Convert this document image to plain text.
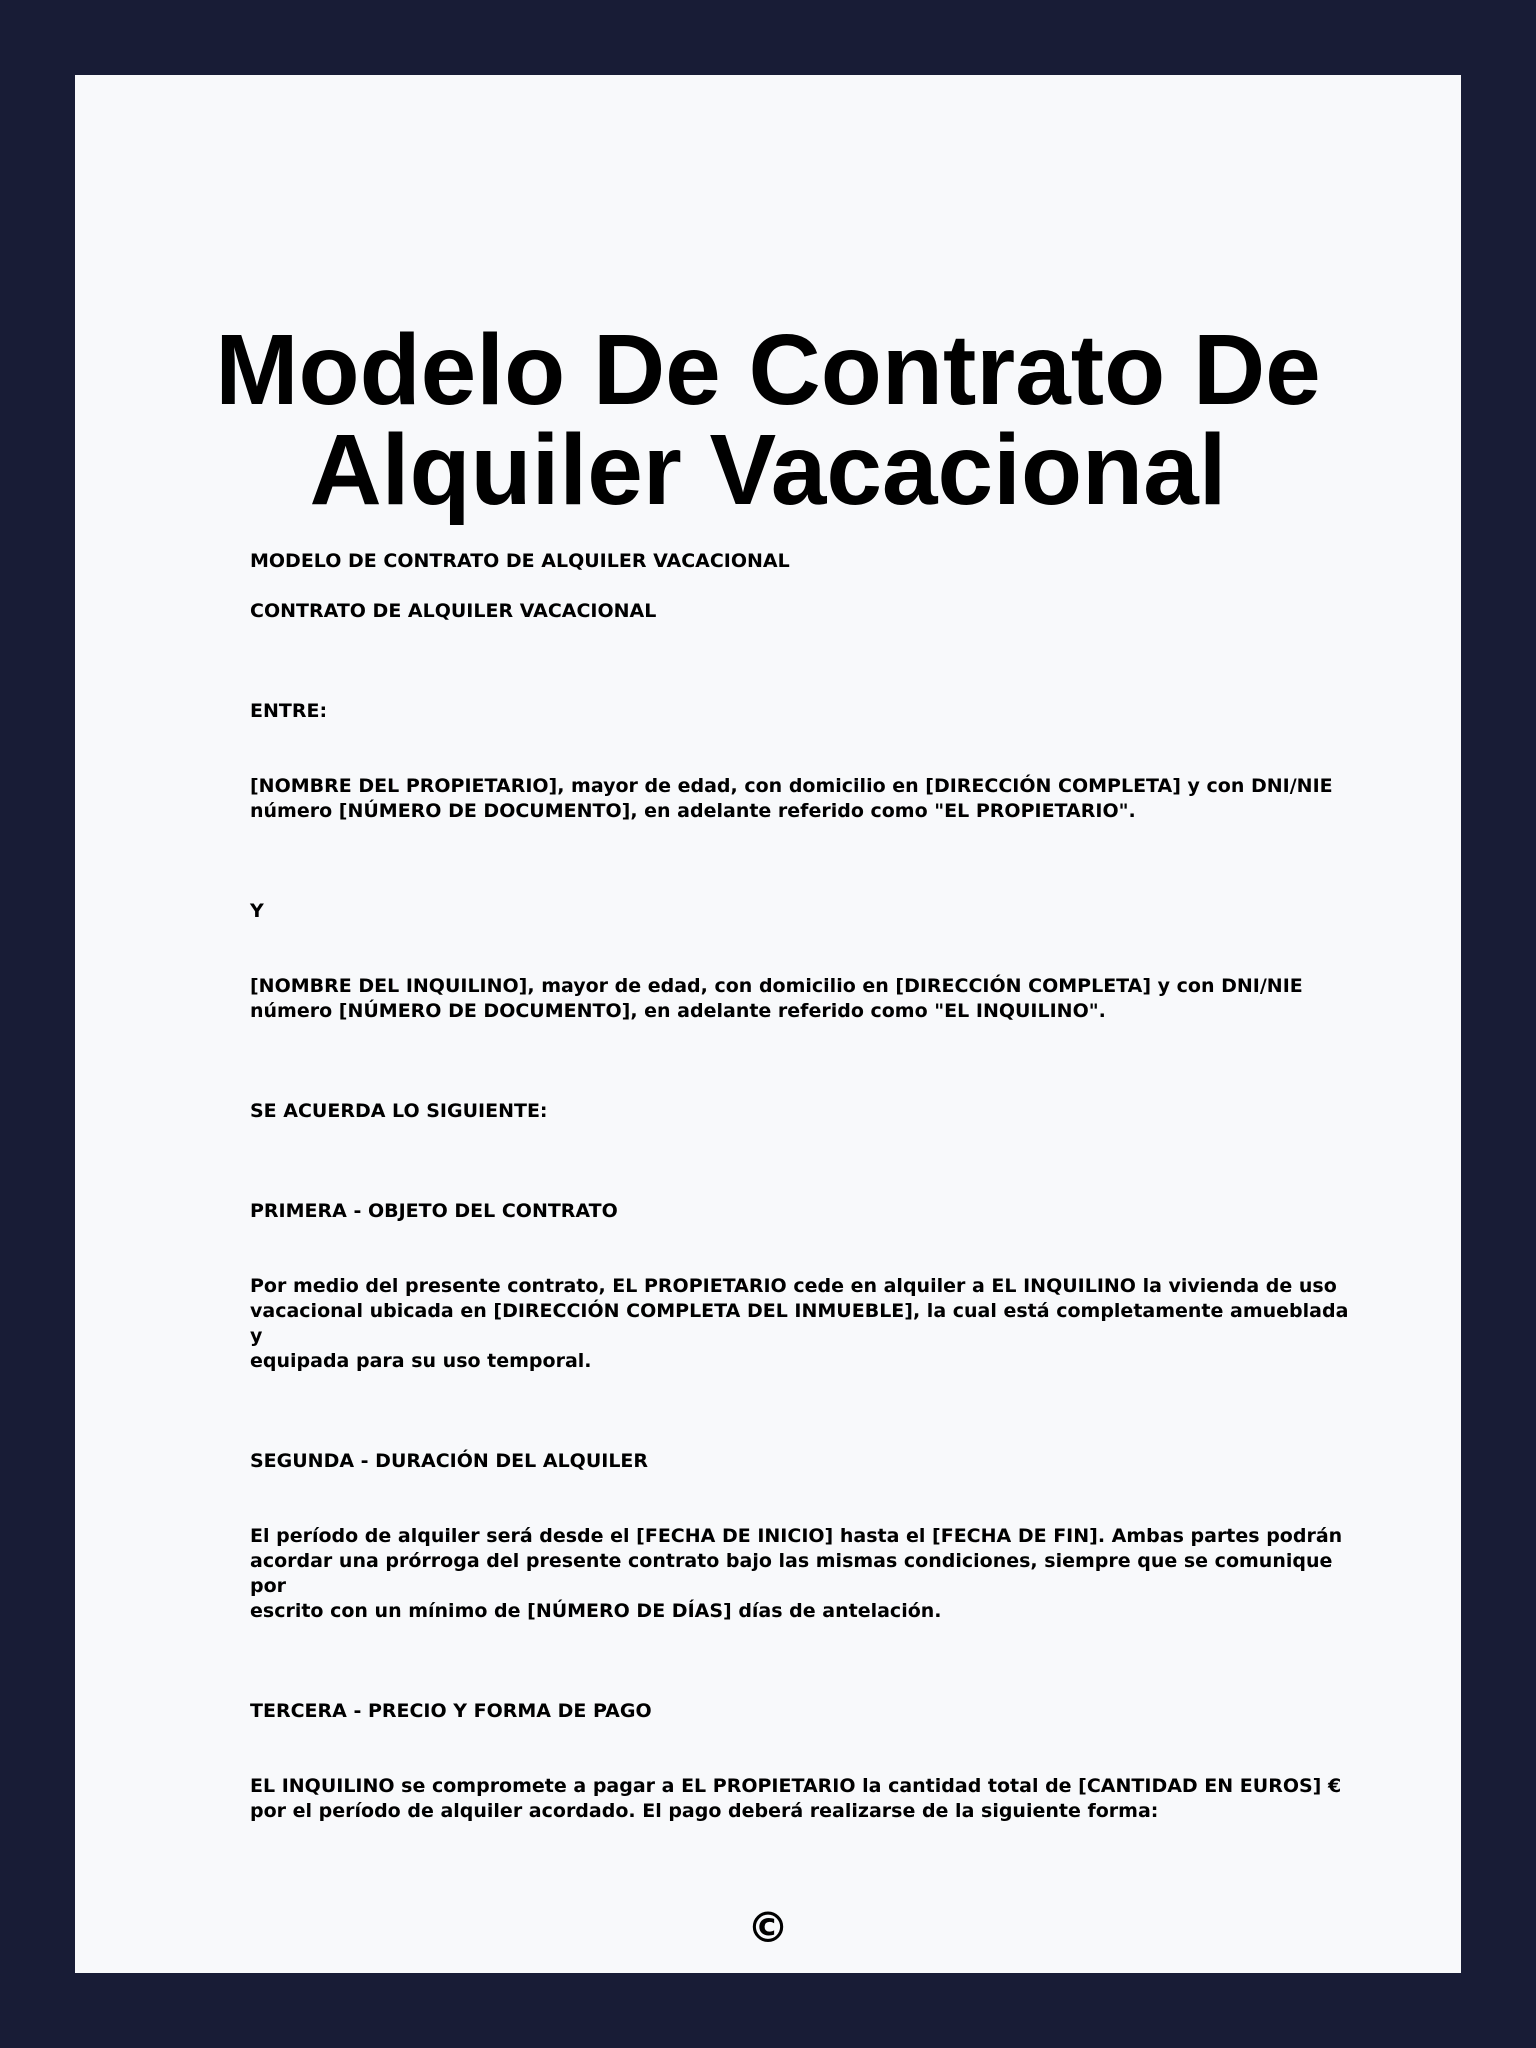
Modelo De Contrato De Alquiler Vacacional

MODELO DE CONTRATO DE ALQUILER VACACIONAL

CONTRATO DE ALQUILER VACACIONAL

ENTRE:

[NOMBRE DEL PROPIETARIO], mayor de edad, con domicilio en [DIRECCIÓN COMPLETA] y con DNI/NIE
número [NÚMERO DE DOCUMENTO], en adelante referido como "EL PROPIETARIO".

Y

[NOMBRE DEL INQUILINO], mayor de edad, con domicilio en [DIRECCIÓN COMPLETA] y con DNI/NIE
número [NÚMERO DE DOCUMENTO], en adelante referido como "EL INQUILINO".

SE ACUERDA LO SIGUIENTE:

PRIMERA - OBJETO DEL CONTRATO

Por medio del presente contrato, EL PROPIETARIO cede en alquiler a EL INQUILINO la vivienda de uso
vacacional ubicada en [DIRECCIÓN COMPLETA DEL INMUEBLE], la cual está completamente amueblada y
equipada para su uso temporal.

SEGUNDA - DURACIÓN DEL ALQUILER

El período de alquiler será desde el [FECHA DE INICIO] hasta el [FECHA DE FIN]. Ambas partes podrán
acordar una prórroga del presente contrato bajo las mismas condiciones, siempre que se comunique por
escrito con un mínimo de [NÚMERO DE DÍAS] días de antelación.

TERCERA - PRECIO Y FORMA DE PAGO

EL INQUILINO se compromete a pagar a EL PROPIETARIO la cantidad total de [CANTIDAD EN EUROS] €
por el período de alquiler acordado. El pago deberá realizarse de la siguiente forma:

©
